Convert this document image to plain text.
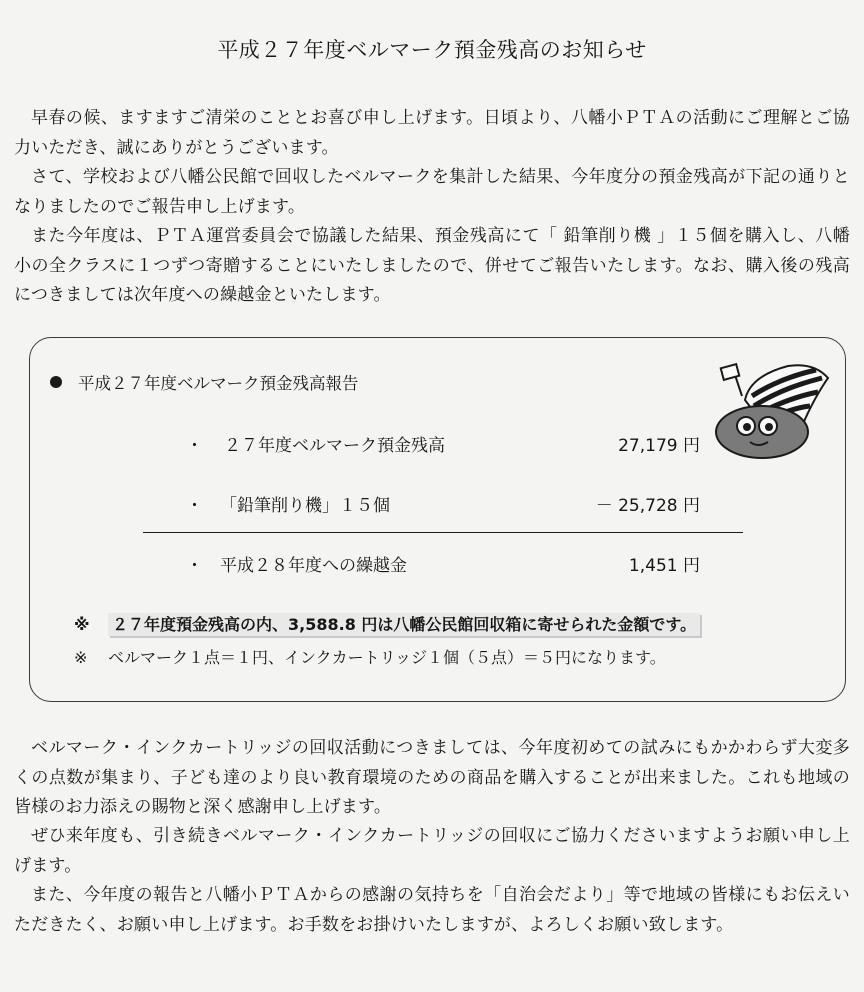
平成２７年度ベルマーク預金残高のお知らせ

早春の候、ますますご清栄のこととお喜び申し上げます。日頃より、八幡小ＰＴＡの活動にご理解とご協力いただき、誠にありがとうございます。

さて、学校および八幡公民館で回収したベルマークを集計した結果、今年度分の預金残高が下記の通りとなりましたのでご報告申し上げます。

また今年度は、ＰＴＡ運営委員会で協議した結果、預金残高にて「 鉛筆削り機 」１５個を購入し、八幡小の全クラスに１つずつ寄贈することにいたしましたので、併せてご報告いたします。なお、購入後の残高につきましては次年度への繰越金といたします。

平成２７年度ベルマーク預金残高報告
・ ２７年度ベルマーク預金残高	27,179 円
・ 「鉛筆削り機」１５個	－ 25,728 円
・ 平成２８年度への繰越金	1,451 円
※ ２７年度預金残高の内、3,588.8 円は八幡公民館回収箱に寄せられた金額です。
※ ベルマーク１点＝１円、インクカートリッジ１個（５点）＝５円になります。

ベルマーク・インクカートリッジの回収活動につきましては、今年度初めての試みにもかかわらず大変多くの点数が集まり、子ども達のより良い教育環境のための商品を購入することが出来ました。これも地域の皆様のお力添えの賜物と深く感謝申し上げます。

ぜひ来年度も、引き続きベルマーク・インクカートリッジの回収にご協力くださいますようお願い申し上げます。

また、今年度の報告と八幡小ＰＴＡからの感謝の気持ちを「自治会だより」等で地域の皆様にもお伝えいただきたく、お願い申し上げます。お手数をお掛けいたしますが、よろしくお願い致します。
